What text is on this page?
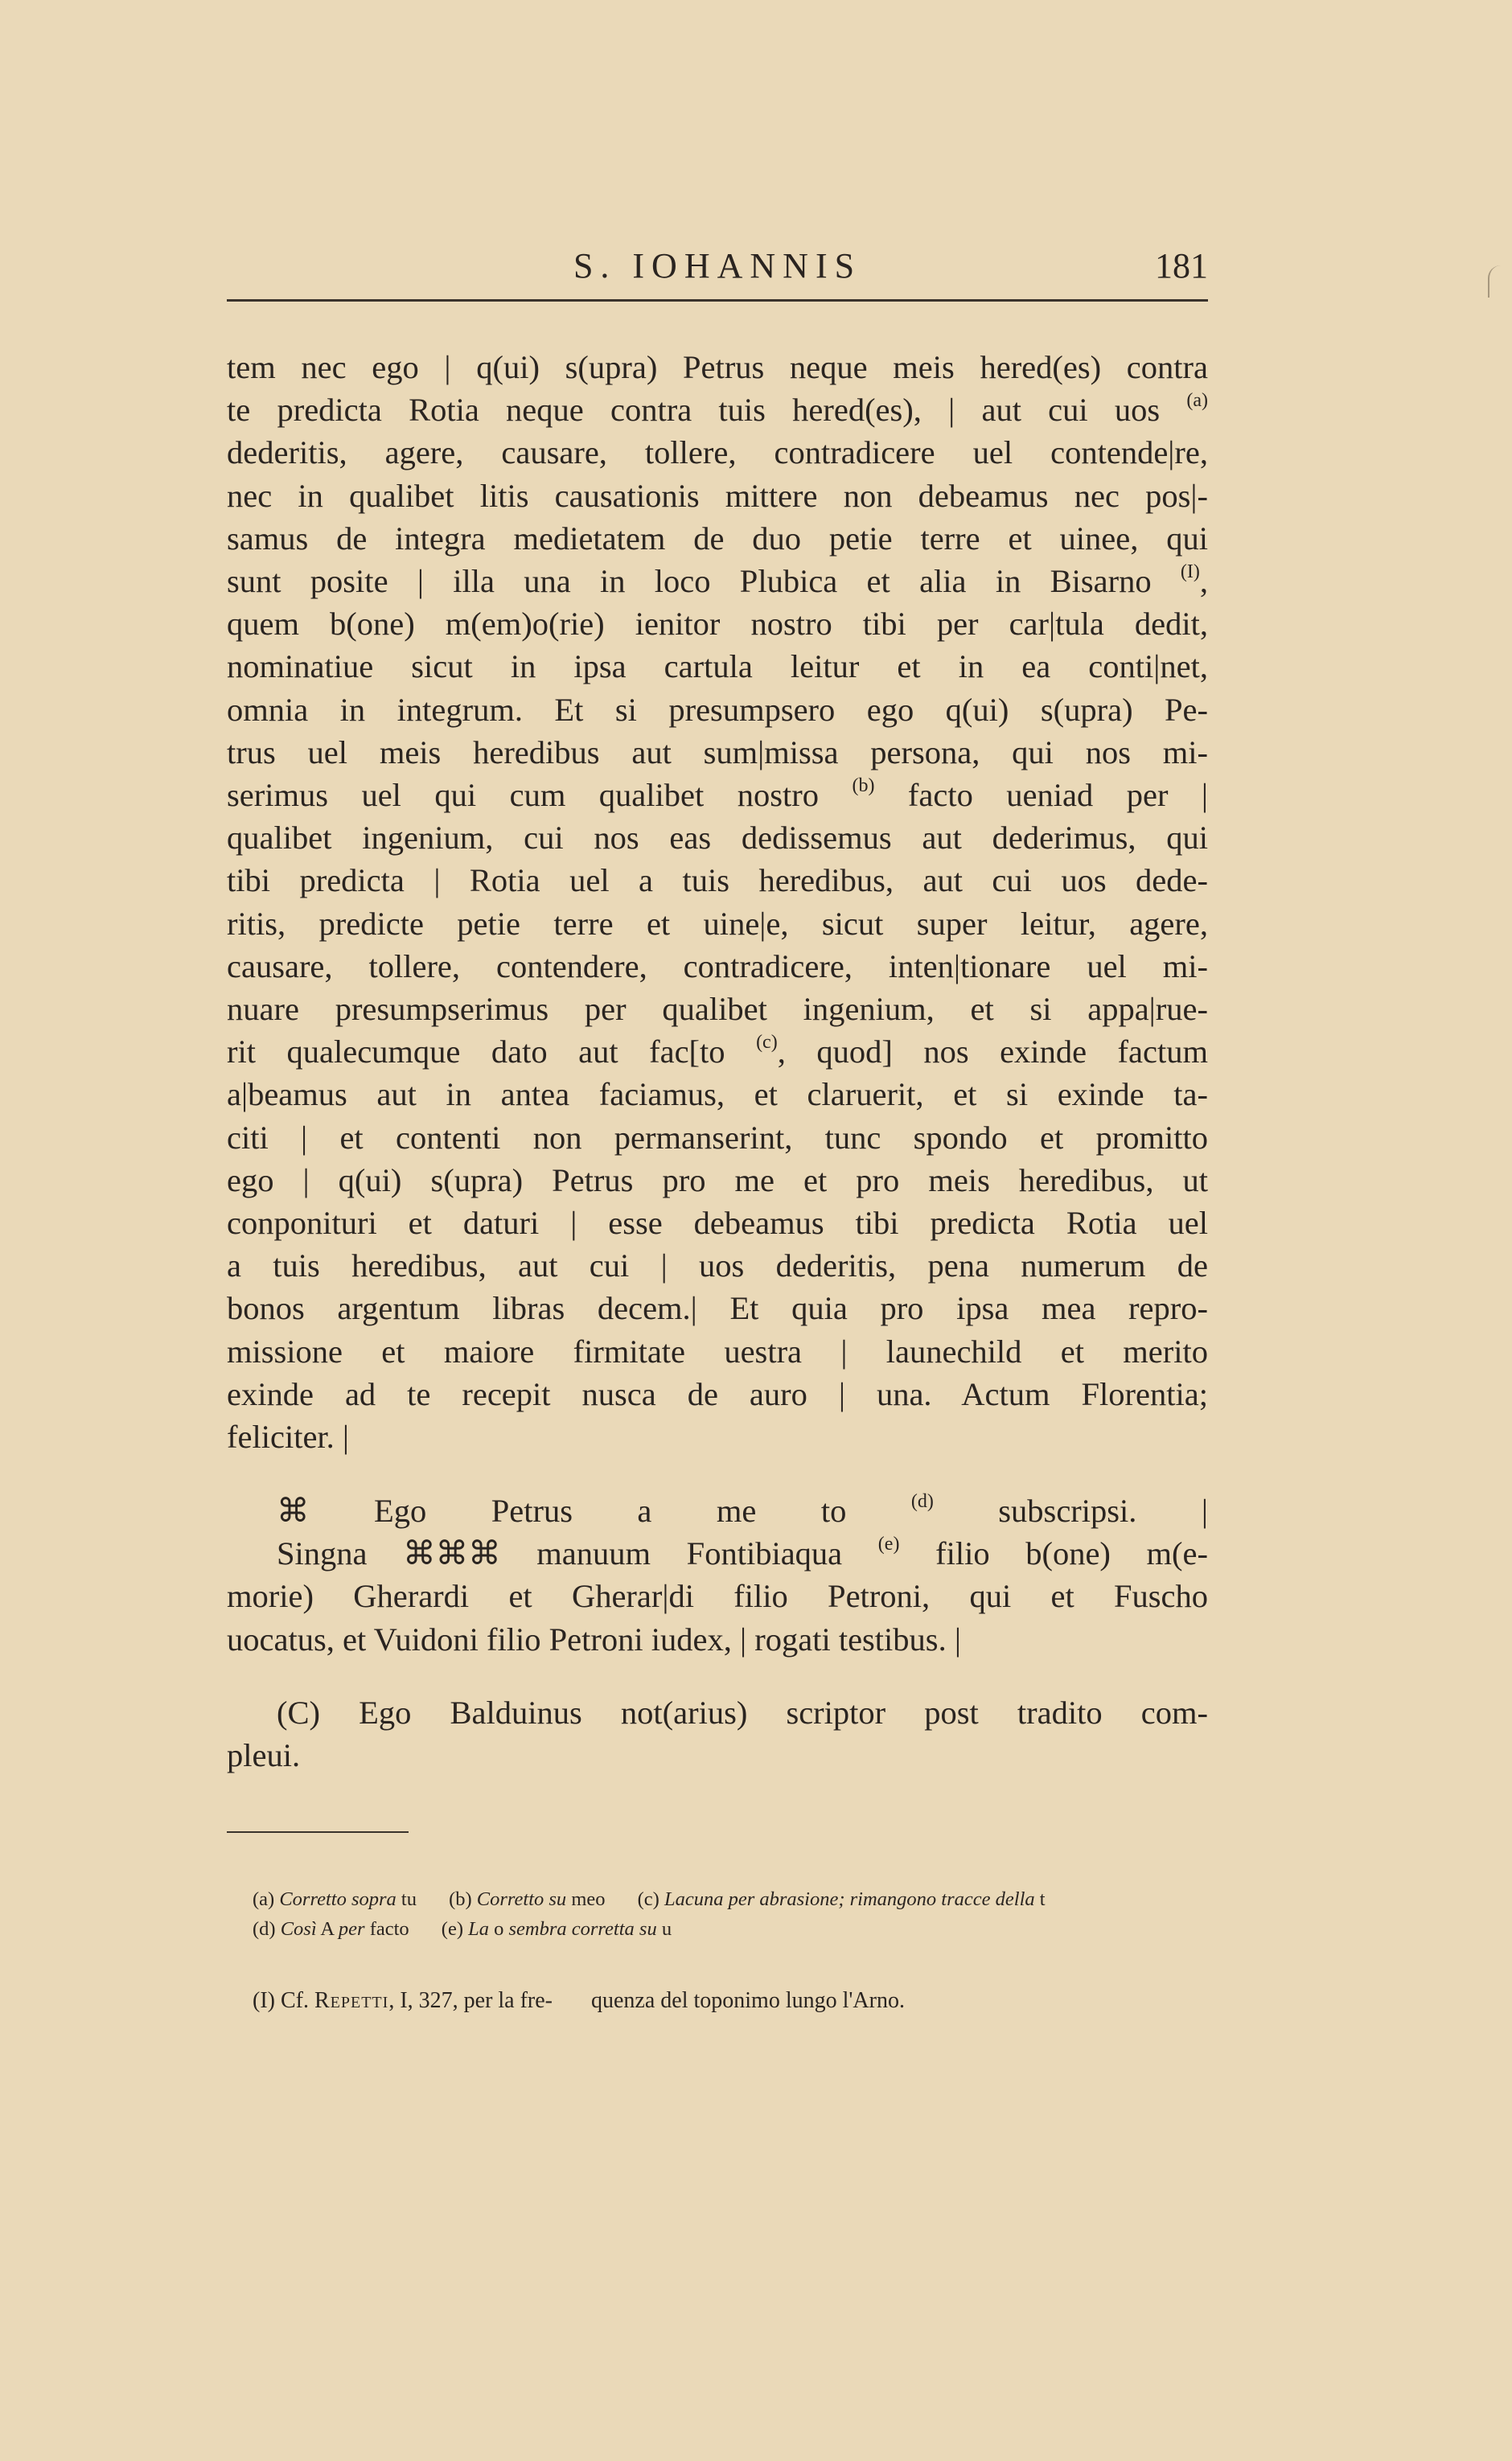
S. IOHANNIS	181
tem nec ego | q(ui) s(upra) Petrus neque meis hered(es) contra
te predicta Rotia neque contra tuis hered(es), | aut cui uos $^{(a)}$
dederitis, agere, causare, tollere, contradicere uel contende|re,
nec in qualibet litis causationis mittere non debeamus nec pos|-
samus de integra medietatem de duo petie terre et uinee, qui
sunt posite | illa una in loco Plubica et alia in Bisarno $^{(I)}$,
quem b(one) m(em)o(rie) ienitor nostro tibi per car|tula dedit,
nominatiue sicut in ipsa cartula leitur et in ea conti|net,
omnia in integrum. Et si presumpsero ego q(ui) s(upra) Pe-
trus uel meis heredibus aut sum|missa persona, qui nos mi-
serimus uel qui cum qualibet nostro $^{(b)}$ facto ueniad per |
qualibet ingenium, cui nos eas dedissemus aut dederimus, qui
tibi predicta | Rotia uel a tuis heredibus, aut cui uos dede-
ritis, predicte petie terre et uine|e, sicut super leitur, agere,
causare, tollere, contendere, contradicere, inten|tionare uel mi-
nuare presumpserimus per qualibet ingenium, et si appa|rue-
rit qualecumque dato aut fac[to $^{(c)}$, quod] nos exinde factum
a|beamus aut in antea faciamus, et claruerit, et si exinde ta-
citi | et contenti non permanserint, tunc spondo et promitto
ego | q(ui) s(upra) Petrus pro me et pro meis heredibus, ut
conponituri et daturi | esse debeamus tibi predicta Rotia uel
a tuis heredibus, aut cui | uos dederitis, pena numerum de
bonos argentum libras decem.| Et quia pro ipsa mea repro-
missione et maiore firmitate uestra | launechild et merito
exinde ad te recepit nusca de auro | una. Actum Florentia;
feliciter. |
⌘ Ego Petrus a me to	$^{(d)}$ subscripsi. |
Singna ⌘⌘⌘ manuum Fontibiaqua $^{(e)}$ filio b(one) m(e-
morie) Gherardi et Gherar|di filio Petroni, qui et Fuscho
uocatus, et Vuidoni filio Petroni iudex, | rogati testibus. |
(C) Ego Balduinus not(arius) scriptor post tradito com-
pleui.
(a) Corretto sopra tu (b) Corretto su meo (c) Lacuna per abrasione; rimangono tracce della t
(d) Così A per facto (e) La o sembra corretta su u
(I) Cf. Repetti, I, 327, per la fre- quenza del toponimo lungo l'Arno.
